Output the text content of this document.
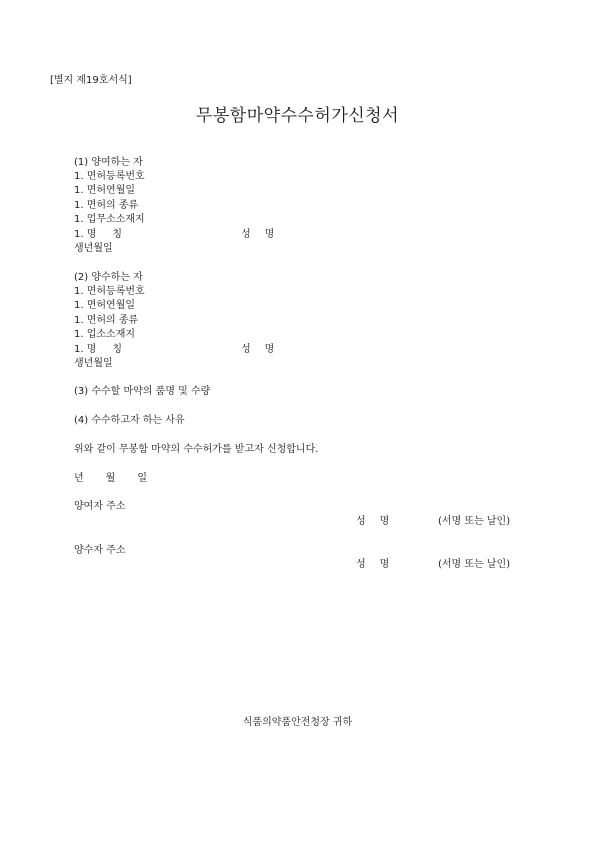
[별지 제19호서식]
무봉함마약수수허가신청서
(1) 양여하는 자
1. 면허등록번호
1. 면허연월일
1. 면허의 종류
1. 업무소소재지
1. 명 칭	성 명
생년월일
(2) 양수하는 자
1. 면허등록번호
1. 면허연월일
1. 면허의 종류
1. 업소소재지
1. 명 칭	성 명
생년월일
(3) 수수할 마약의 품명 및 수량
(4) 수수하고자 하는 사유
위와 같이 무봉함 마약의 수수허가를 받고자 신청합니다.
년 월 일
양여자 주소
성 명	(서명 또는 날인)
양수자 주소
성 명	(서명 또는 날인)
식품의약품안전청장 귀하
